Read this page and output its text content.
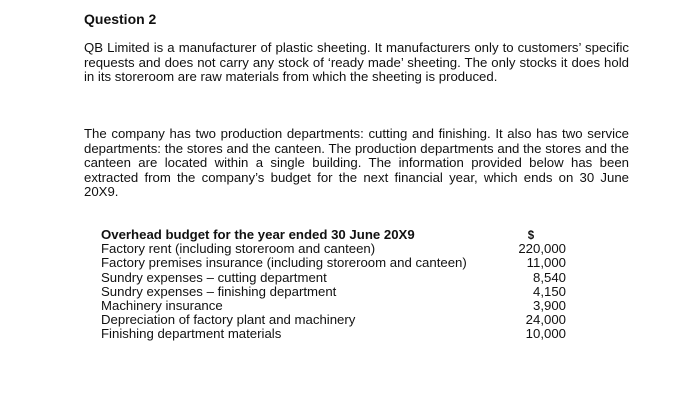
Question 2

QB Limited is a manufacturer of plastic sheeting. It manufacturers only to customers’ specific requests and does not carry any stock of ‘ready made’ sheeting. The only stocks it does hold in its storeroom are raw materials from which the sheeting is produced.

The company has two production departments: cutting and finishing. It also has two service departments: the stores and the canteen. The production departments and the stores and the canteen are located within a single building. The information provided below has been extracted from the company’s budget for the next financial year, which ends on 30 June 20X9.

Overhead budget for the year ended 30 June 20X9	$
Factory rent (including storeroom and canteen)	220,000
Factory premises insurance (including storeroom and canteen)	11,000
Sundry expenses – cutting department	8,540
Sundry expenses – finishing department	4,150
Machinery insurance	3,900
Depreciation of factory plant and machinery	24,000
Finishing department materials	10,000
